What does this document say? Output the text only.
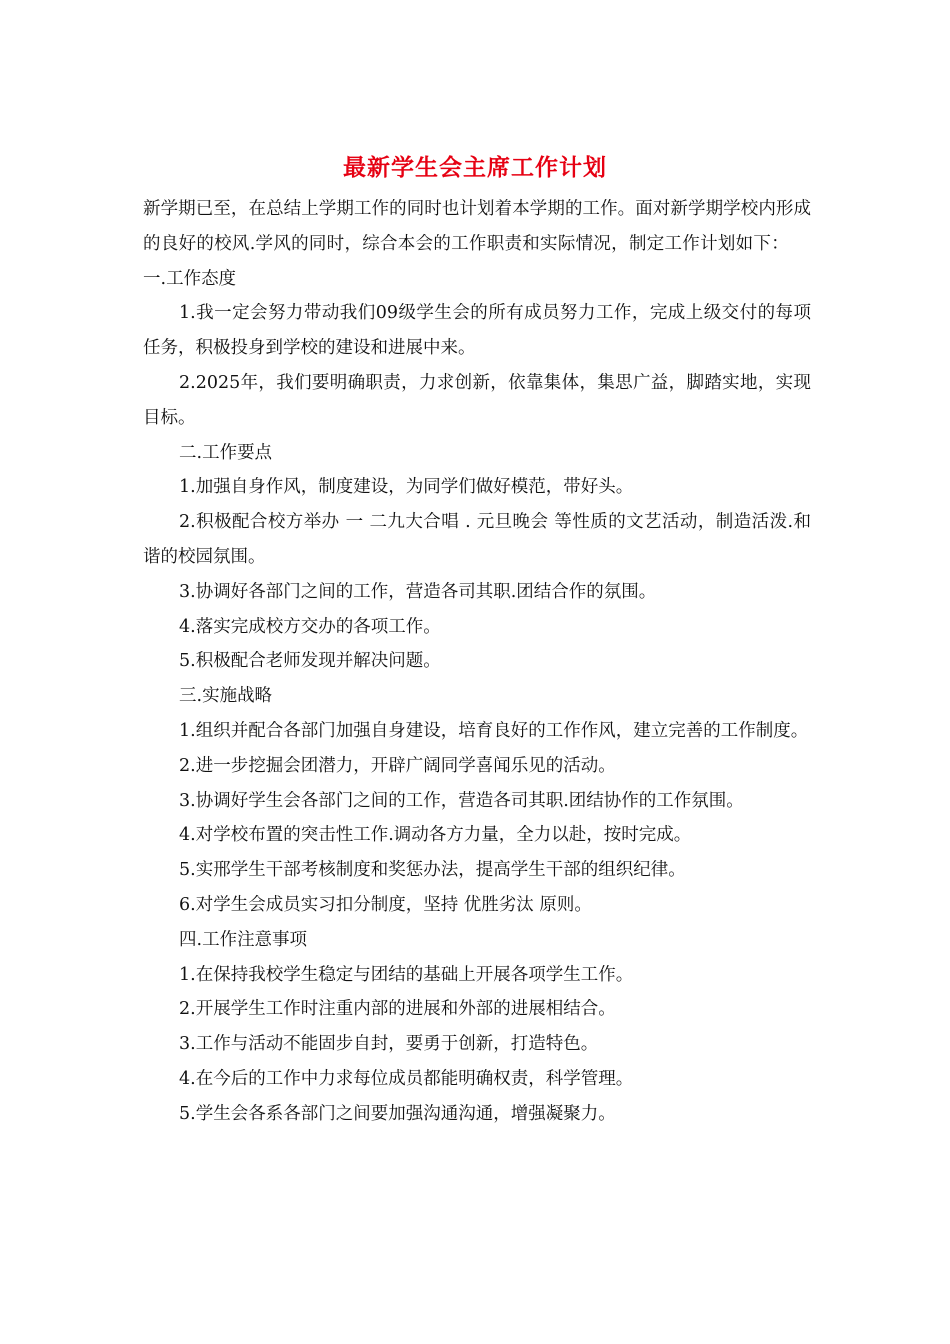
最新学生会主席工作计划

新学期已至，在总结上学期工作的同时也计划着本学期的工作。面对新学期学校内形成的良好的校风.学风的同时，综合本会的工作职责和实际情况，制定工作计划如下：一.工作态度

1.我一定会努力带动我们09级学生会的所有成员努力工作，完成上级交付的每项任务，积极投身到学校的建设和进展中来。

2.2025年，我们要明确职责，力求创新，依靠集体，集思广益，脚踏实地，实现目标。

二.工作要点

1.加强自身作风，制度建设，为同学们做好模范，带好头。

2.积极配合校方举办 一 二九大合唱 . 元旦晚会 等性质的文艺活动，制造活泼.和谐的校园氛围。

3.协调好各部门之间的工作，营造各司其职.团结合作的氛围。

4.落实完成校方交办的各项工作。

5.积极配合老师发现并解决问题。

三.实施战略

1.组织并配合各部门加强自身建设，培育良好的工作作风，建立完善的工作制度。

2.进一步挖掘会团潜力，开辟广阔同学喜闻乐见的活动。

3.协调好学生会各部门之间的工作，营造各司其职.团结协作的工作氛围。

4.对学校布置的突击性工作.调动各方力量，全力以赴，按时完成。

5.实邢学生干部考核制度和奖惩办法，提高学生干部的组织纪律。

6.对学生会成员实习扣分制度，坚持 优胜劣汰 原则。

四.工作注意事项

1.在保持我校学生稳定与团结的基础上开展各项学生工作。

2.开展学生工作时注重内部的进展和外部的进展相结合。

3.工作与活动不能固步自封，要勇于创新，打造特色。

4.在今后的工作中力求每位成员都能明确权责，科学管理。

5.学生会各系各部门之间要加强沟通沟通，增强凝聚力。
